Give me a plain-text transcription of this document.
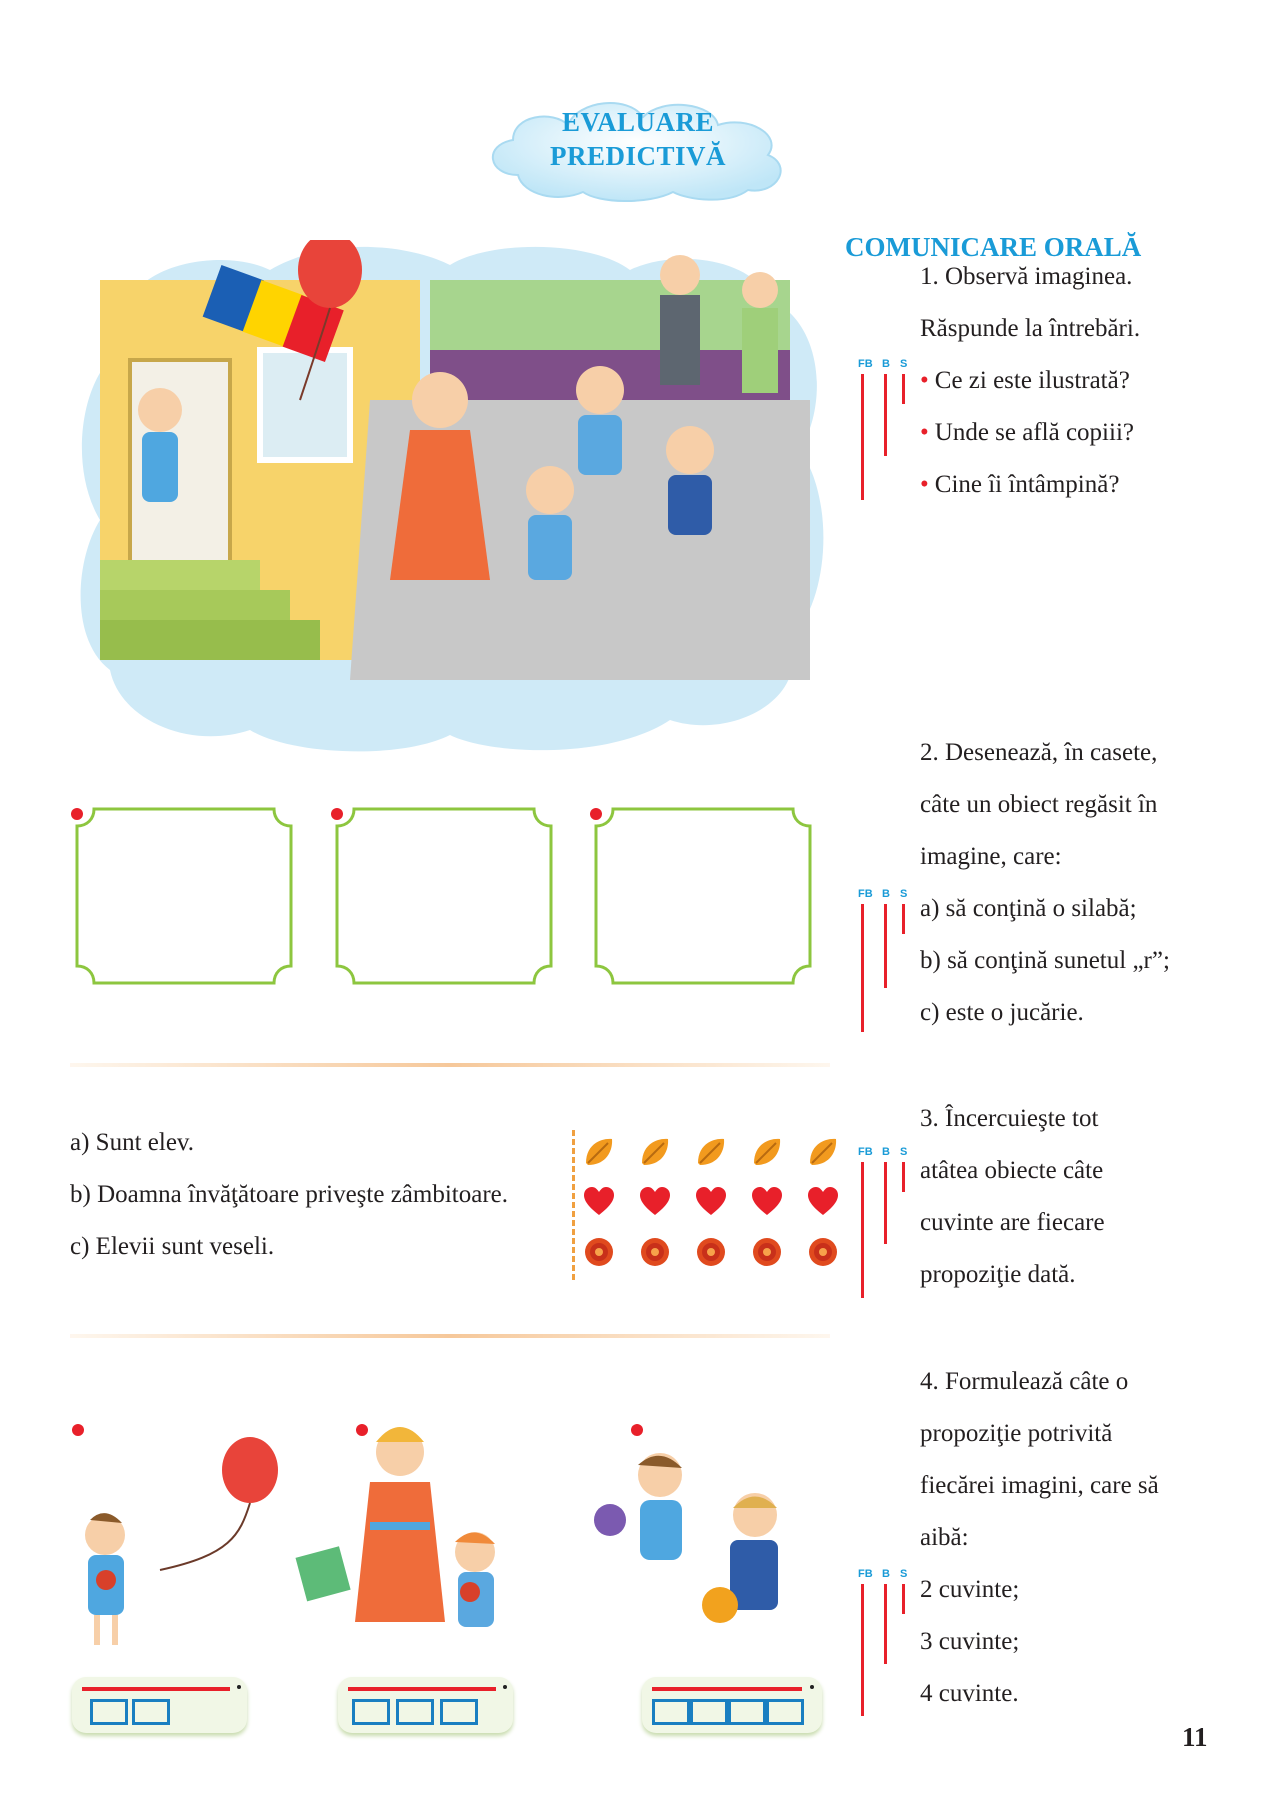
EVALUARE
PREDICTIVĂ
COMUNICARE ORALĂ
1. Observă imaginea.
Răspunde la întrebări.
• Ce zi este ilustrată?
• Unde se află copiii?
• Cine îi întâmpină?
FB B S
2. Desenează, în casete,
câte un obiect regăsit în
imagine, care:
a) să conţină o silabă;
b) să conţină sunetul „r”;
c) este o jucărie.
FB B S
3. Încercuieşte tot
atâtea obiecte câte
cuvinte are fiecare
propoziţie dată.
FB B S
a) Sunt elev.
b) Doamna învăţătoare priveşte zâmbitoare.
c) Elevii sunt veseli.
4. Formulează câte o
propoziţie potrivită
fiecărei imagini, care să
aibă:
2 cuvinte;
3 cuvinte;
4 cuvinte.
FB B S
11
